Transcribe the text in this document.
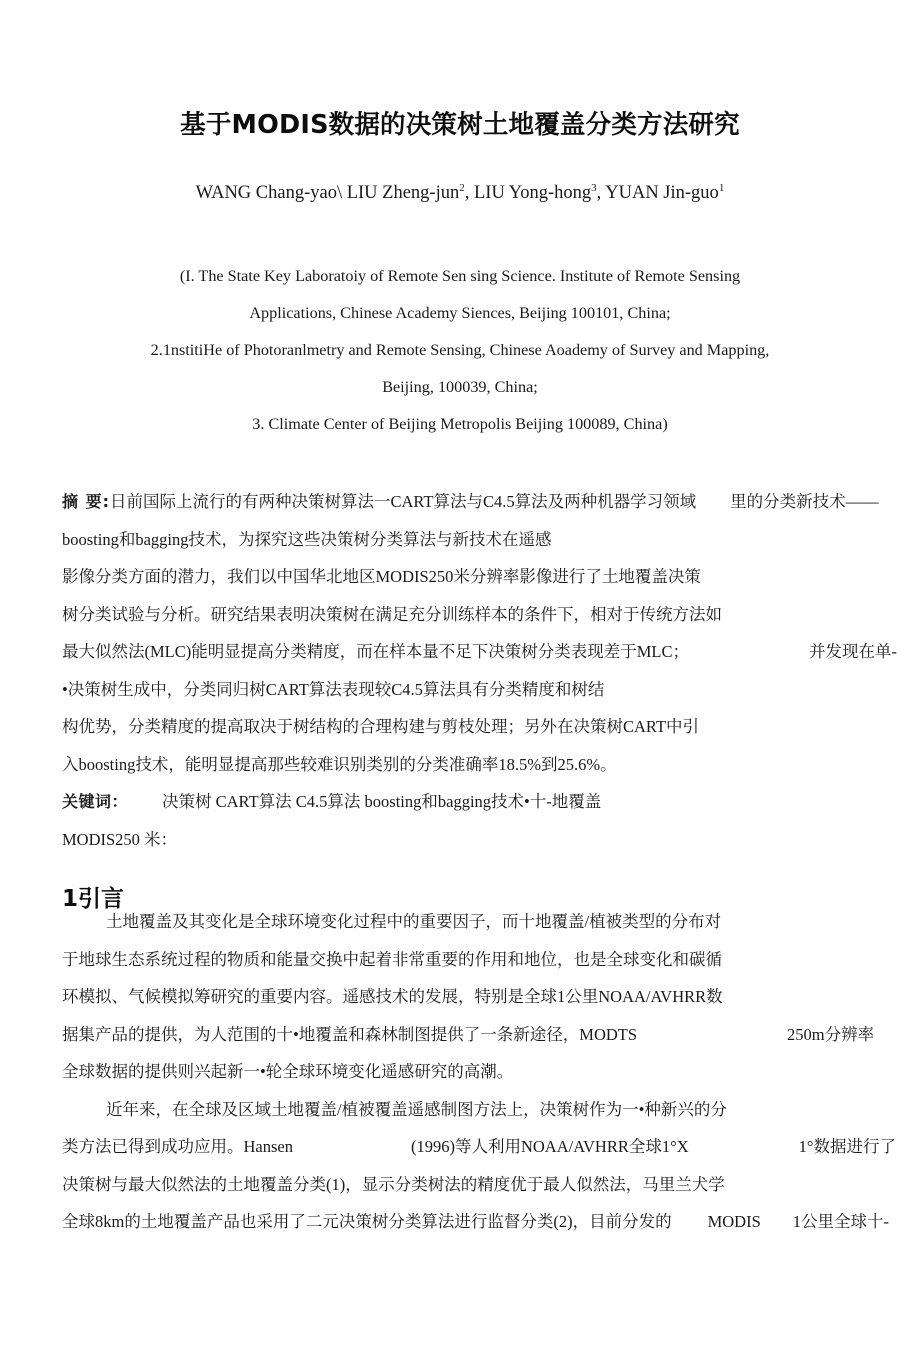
基于MODIS数据的决策树土地覆盖分类方法研究
WANG Chang-yao\ LIU Zheng-jun$^2$, LIU Yong-hong$^3$, YUAN Jin-guo$^1$
(I. The State Key Laboratoiy of Remote Sen sing Science. Institute of Remote Sensing
Applications, Chinese Academy Siences, Beijing 100101, China;
2.1nstitiHe of Photoranlmetry and Remote Sensing, Chinese Aoademy of Survey and Mapping,
Beijing, 100039, China;
3. Climate Center of Beijing Metropolis Beijing 100089, China)
摘 要:日前国际上流行的有两种决策树算法一CART算法与C4.5算法及两种机器学习领域 里的分类新技术——
boosting和bagging技术，为探究这些决策树分类算法与新技术在遥感
影像分类方面的潜力，我们以中国华北地区MODIS250米分辨率影像进行了土地覆盖决策
树分类试验与分析。研究结果表明决策树在满足充分训练样本的条件下，相对于传统方法如
最大似然法(MLC)能明显提高分类精度，而在样本量不足下决策树分类表现差于MLC；	并发现在单-
•决策树生成中，分类同归树CART算法表现较C4.5算法具有分类精度和树结
构优势，分类精度的提高取决于树结构的合理构建与剪枝处理；另外在决策树CART中引
入boosting技术，能明显提高那些较难识别类别的分类准确率18.5%到25.6%。
关键词： 决策树 CART算法 C4.5算法 boosting和bagging技术•十-地覆盖
MODIS250 米：
1引言
土地覆盖及其变化是全球环境变化过程中的重要因子，而十地覆盖/植被类型的分布对
于地球生态系统过程的物质和能量交换中起着非常重要的作用和地位，也是全球变化和碳循
环模拟、气候模拟筹研究的重要内容。遥感技术的发展，特别是全球1公里NOAA/AVHRR数
据集产品的提供，为人范围的十•地覆盖和森林制图提供了一条新途径，MODTS	250m分辨率
全球数据的提供则兴起新一•轮全球环境变化遥感研究的高潮。
近年来，在全球及区域土地覆盖/植被覆盖遥感制图方法上，决策树作为一•种新兴的分
类方法已得到成功应用。Hansen	(1996)等人利用NOAA/AVHRR全球1°X	1°数据进行了
决策树与最大似然法的土地覆盖分类(1)，显示分类树法的精度优于最人似然法，马里兰犬学
全球8km的土地覆盖产品也采用了二元决策树分类算法进行监督分类(2)，目前分发的 MODIS 1公里全球十-
